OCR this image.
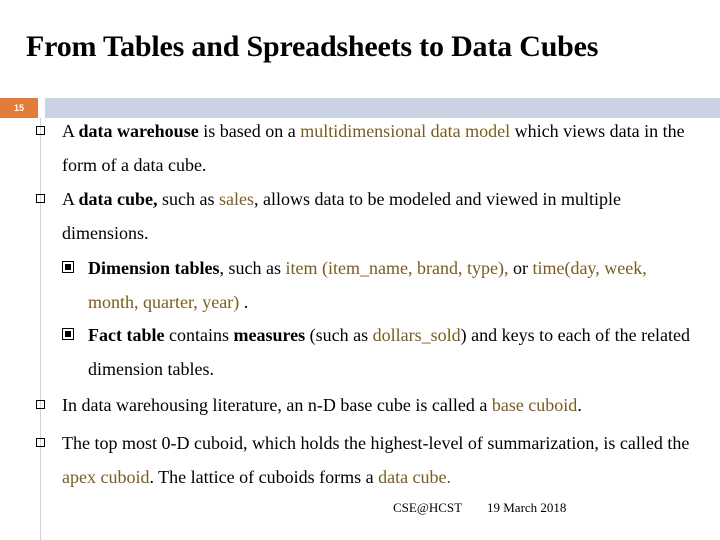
From Tables and Spreadsheets to Data Cubes
15
A data warehouse is based on a multidimensional data model which views data in the form of a data cube.
A data cube, such as sales, allows data to be modeled and viewed in multiple dimensions.
Dimension tables, such as item (item_name, brand, type), or time(day, week, month, quarter, year) .
Fact table contains measures (such as dollars_sold) and keys to each of the related dimension tables.
In data warehousing literature, an n-D base cube is called a base cuboid.
The top most 0-D cuboid, which holds the highest-level of summarization, is called the apex cuboid. The lattice of cuboids forms a data cube.
CSE@HCST 19 March 2018
